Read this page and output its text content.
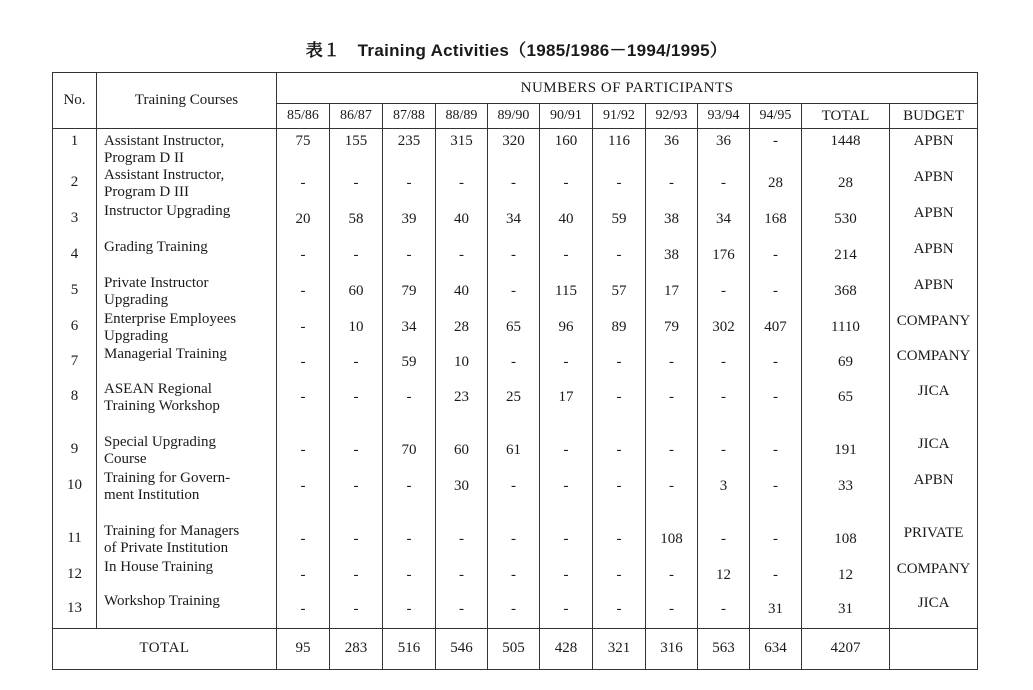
表１　Training Activities（1985/1986－1994/1995）
No.	Training Courses	NUMBERS OF PARTICIPANTS											
		85/86	86/87	87/88	88/89	89/90	90/91	91/92	92/93	93/94	94/95	TOTAL	BUDGET
1	Assistant Instructor,
Program D II	75	155	235	315	320	160	116	36	36	-	1448	APBN
2	Assistant Instructor,
Program D III	-	-	-	-	-	-	-	-	-	28	28	APBN
3	Instructor Upgrading	20	58	39	40	34	40	59	38	34	168	530	APBN
4	Grading Training	-	-	-	-	-	-	-	38	176	-	214	APBN
5	Private Instructor
Upgrading	-	60	79	40	-	115	57	17	-	-	368	APBN
6	Enterprise Employees
Upgrading	-	10	34	28	65	96	89	79	302	407	1110	COMPANY
7	Managerial Training	-	-	59	10	-	-	-	-	-	-	69	COMPANY
8	ASEAN Regional
Training Workshop	-	-	-	23	25	17	-	-	-	-	65	JICA
9	Special Upgrading
Course	-	-	70	60	61	-	-	-	-	-	191	JICA
10	Training for Govern-
ment Institution	-	-	-	30	-	-	-	-	3	-	33	APBN
11	Training for Managers
of Private Institution	-	-	-	-	-	-	-	108	-	-	108	PRIVATE
12	In House Training	-	-	-	-	-	-	-	-	12	-	12	COMPANY
13	Workshop Training	-	-	-	-	-	-	-	-	-	31	31	JICA
TOTAL		95	283	516	546	505	428	321	316	563	634	4207	
